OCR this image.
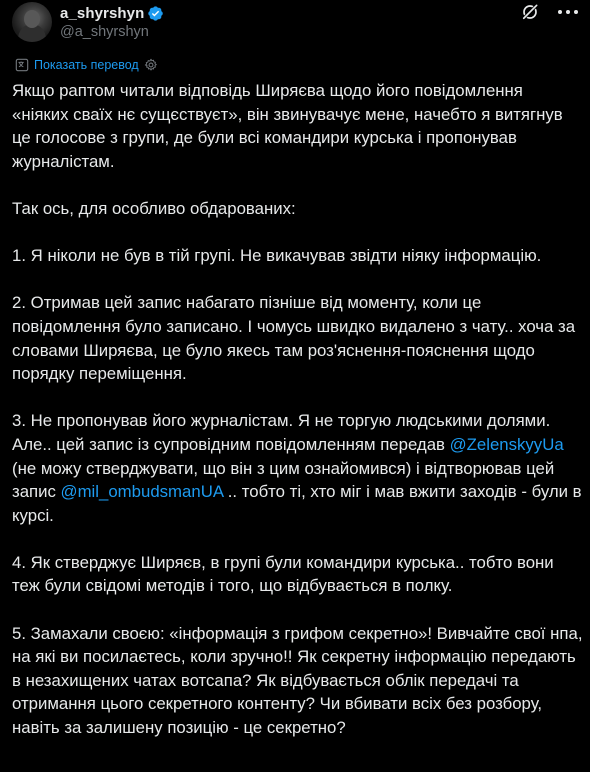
a_shyrshyn
@a_shyrshyn
Показать перевод

Якщо раптом читали відповідь Ширяєва щодо його повідомлення «ніяких сваїх нє сущєствуєт», він звинувачує мене, начебто я витягнув це голосове з групи, де були всі командири курська і пропонував журналістам.

Так ось, для особливо обдарованих:

1. Я ніколи не був в тій групі. Не викачував звідти ніяку інформацію.

2. Отримав цей запис набагато пізніше від моменту, коли це повідомлення було записано. І чомусь швидко видалено з чату.. хоча за словами Ширяєва, це було якесь там роз'яснення-пояснення щодо порядку переміщення.

3. Не пропонував його журналістам. Я не торгую людськими долями. Але.. цей запис із супровідним повідомленням передав @ZelenskyyUa (не можу стверджувати, що він з цим ознайомився) і відтворював цей запис @mil_ombudsmanUA .. тобто ті, хто міг і мав вжити заходів - були в курсі.

4. Як стверджує Ширяєв, в групі були командири курська.. тобто вони теж були свідомі методів і того, що відбувається в полку.

5. Замахали своєю: «інформація з грифом секретно»! Вивчайте свої нпа, на які ви посилаєтесь, коли зручно!! Як секретну інформацію передають в незахищених чатах вотсапа? Як відбувається облік передачі та отримання цього секретного контенту? Чи вбивати всіх без розбору, навіть за залишену позицію - це секретно?
